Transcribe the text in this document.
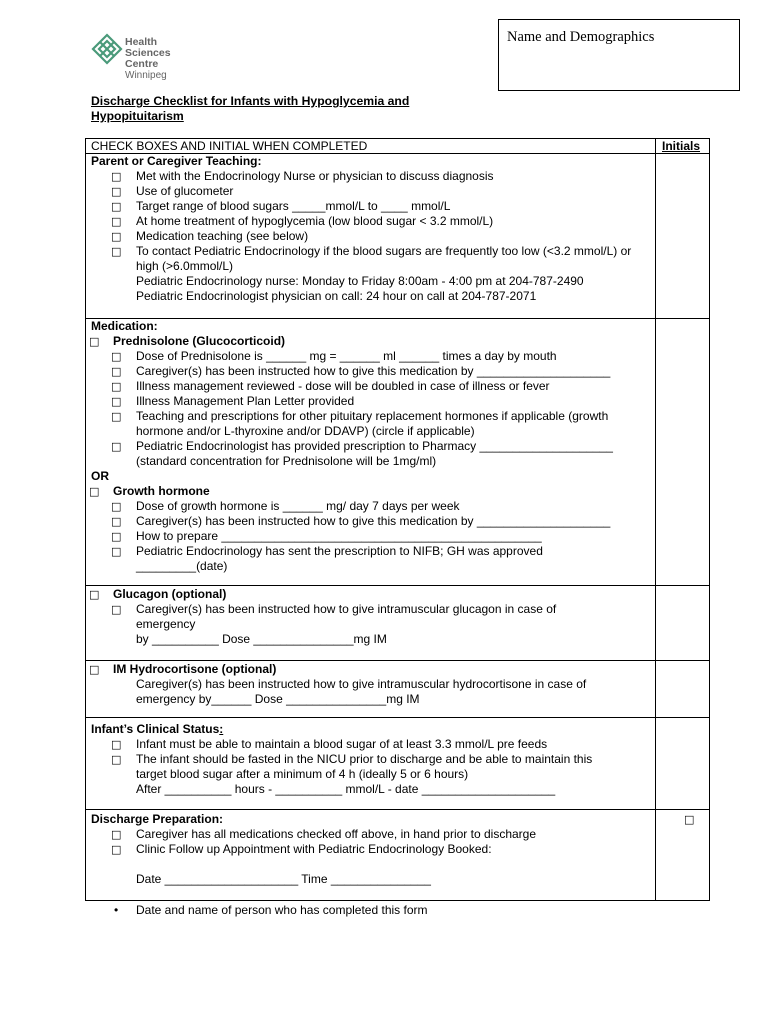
Name and Demographics
Health
Sciences
Centre
Winnipeg
Discharge Checklist for Infants with Hypoglycemia and
Hypopituitarism
CHECK BOXES AND INITIAL WHEN COMPLETED	Initials
Parent or Caregiver Teaching:
□ Met with the Endocrinology Nurse or physician to discuss diagnosis
□ Use of glucometer
□ Target range of blood sugars _____mmol/L to ____ mmol/L
□ At home treatment of hypoglycemia (low blood sugar < 3.2 mmol/L)
□ Medication teaching (see below)
□ To contact Pediatric Endocrinology if the blood sugars are frequently too low (<3.2 mmol/L) or
high (>6.0mmol/L)
Pediatric Endocrinology nurse: Monday to Friday 8:00am - 4:00 pm at 204-787-2490
Pediatric Endocrinologist physician on call: 24 hour on call at 204-787-2071
Medication:
□ Prednisolone (Glucocorticoid)
□ Dose of Prednisolone is ______ mg = ______ ml ______ times a day by mouth
□ Caregiver(s) has been instructed how to give this medication by ____________________
□ Illness management reviewed - dose will be doubled in case of illness or fever
□ Illness Management Plan Letter provided
□ Teaching and prescriptions for other pituitary replacement hormones if applicable (growth
hormone and/or L-thyroxine and/or DDAVP) (circle if applicable)
□ Pediatric Endocrinologist has provided prescription to Pharmacy ____________________
(standard concentration for Prednisolone will be 1mg/ml)
OR
□ Growth hormone
□ Dose of growth hormone is ______ mg/ day 7 days per week
□ Caregiver(s) has been instructed how to give this medication by ____________________
□ How to prepare ________________________________________________
□ Pediatric Endocrinology has sent the prescription to NIFB; GH was approved
_________(date)
□ Glucagon (optional)
□ Caregiver(s) has been instructed how to give intramuscular glucagon in case of
emergency
by __________ Dose _______________mg IM
□ IM Hydrocortisone (optional)
Caregiver(s) has been instructed how to give intramuscular hydrocortisone in case of
emergency by______ Dose _______________mg IM
Infant’s Clinical Status:
□ Infant must be able to maintain a blood sugar of at least 3.3 mmol/L pre feeds
□ The infant should be fasted in the NICU prior to discharge and be able to maintain this
target blood sugar after a minimum of 4 h (ideally 5 or 6 hours)
After __________ hours - __________ mmol/L - date ____________________
Discharge Preparation:	□
□ Caregiver has all medications checked off above, in hand prior to discharge
□ Clinic Follow up Appointment with Pediatric Endocrinology Booked:
Date ____________________ Time _______________
• Date and name of person who has completed this form
